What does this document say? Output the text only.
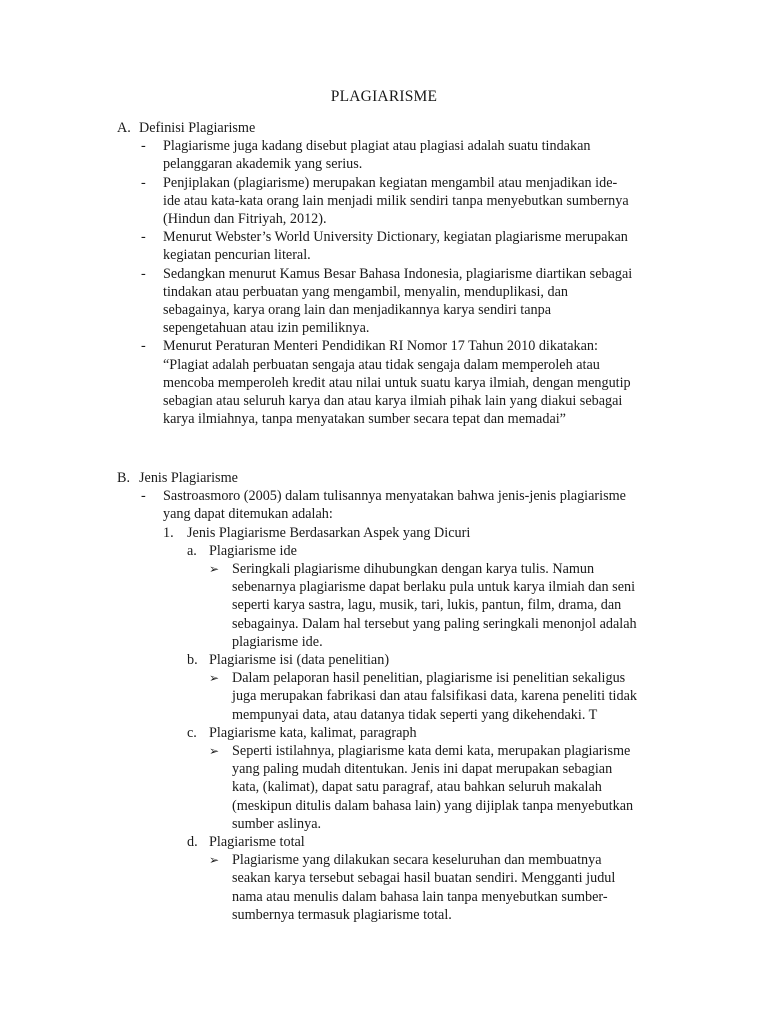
PLAGIARISME
A. Definisi Plagiarisme
- Plagiarisme juga kadang disebut plagiat atau plagiasi adalah suatu tindakan
pelanggaran akademik yang serius.
- Penjiplakan (plagiarisme) merupakan kegiatan mengambil atau menjadikan ide-
ide atau kata-kata orang lain menjadi milik sendiri tanpa menyebutkan sumbernya
(Hindun dan Fitriyah, 2012).
- Menurut Webster’s World University Dictionary, kegiatan plagiarisme merupakan
kegiatan pencurian literal.
- Sedangkan menurut Kamus Besar Bahasa Indonesia, plagiarisme diartikan sebagai
tindakan atau perbuatan yang mengambil, menyalin, menduplikasi, dan
sebagainya, karya orang lain dan menjadikannya karya sendiri tanpa
sepengetahuan atau izin pemiliknya.
- Menurut Peraturan Menteri Pendidikan RI Nomor 17 Tahun 2010 dikatakan:
“Plagiat adalah perbuatan sengaja atau tidak sengaja dalam memperoleh atau
mencoba memperoleh kredit atau nilai untuk suatu karya ilmiah, dengan mengutip
sebagian atau seluruh karya dan atau karya ilmiah pihak lain yang diakui sebagai
karya ilmiahnya, tanpa menyatakan sumber secara tepat dan memadai”
B. Jenis Plagiarisme
- Sastroasmoro (2005) dalam tulisannya menyatakan bahwa jenis-jenis plagiarisme
yang dapat ditemukan adalah:
1. Jenis Plagiarisme Berdasarkan Aspek yang Dicuri
a. Plagiarisme ide
➢ Seringkali plagiarisme dihubungkan dengan karya tulis. Namun
sebenarnya plagiarisme dapat berlaku pula untuk karya ilmiah dan seni
seperti karya sastra, lagu, musik, tari, lukis, pantun, film, drama, dan
sebagainya. Dalam hal tersebut yang paling seringkali menonjol adalah
plagiarisme ide.
b. Plagiarisme isi (data penelitian)
➢ Dalam pelaporan hasil penelitian, plagiarisme isi penelitian sekaligus
juga merupakan fabrikasi dan atau falsifikasi data, karena peneliti tidak
mempunyai data, atau datanya tidak seperti yang dikehendaki. T
c. Plagiarisme kata, kalimat, paragraph
➢ Seperti istilahnya, plagiarisme kata demi kata, merupakan plagiarisme
yang paling mudah ditentukan. Jenis ini dapat merupakan sebagian
kata, (kalimat), dapat satu paragraf, atau bahkan seluruh makalah
(meskipun ditulis dalam bahasa lain) yang dijiplak tanpa menyebutkan
sumber aslinya.
d. Plagiarisme total
➢ Plagiarisme yang dilakukan secara keseluruhan dan membuatnya
seakan karya tersebut sebagai hasil buatan sendiri. Mengganti judul
nama atau menulis dalam bahasa lain tanpa menyebutkan sumber-
sumbernya termasuk plagiarisme total.
